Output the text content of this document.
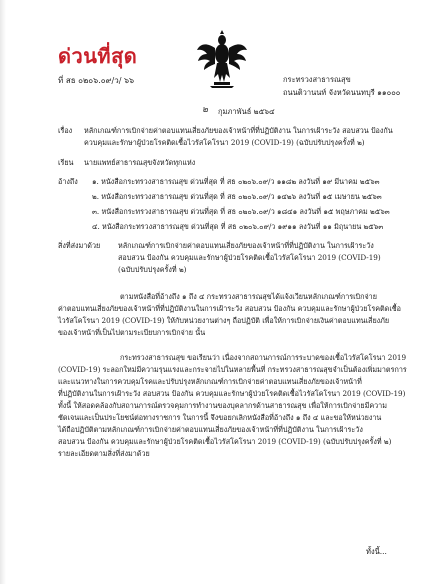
ด่วนที่สุด
ที่ สธ ๐๒๐๖.๐๙/ว/ ๖๖	กระทรวงสาธารณสุข
ถนนติวานนท์ จังหวัดนนทบุรี ๑๑๐๐๐
๒ กุมภาพันธ์ ๒๕๖๔
เรื่อง หลักเกณฑ์การเบิกจ่ายค่าตอบแทนเสี่ยงภัยของเจ้าหน้าที่ที่ปฏิบัติงาน ในการเฝ้าระวัง สอบสวน ป้องกัน
ควบคุมและรักษาผู้ป่วยโรคติดเชื้อไวรัสโคโรนา 2019 (COVID-19) (ฉบับปรับปรุงครั้งที่ ๒)
เรียน นายแพทย์สาธารณสุขจังหวัดทุกแห่ง
อ้างถึง ๑. หนังสือกระทรวงสาธารณสุข ด่วนที่สุด ที่ สธ ๐๒๐๖.๐๙/ว ๑๑๘๒ ลงวันที่ ๑๙ มีนาคม ๒๕๖๓
๒. หนังสือกระทรวงสาธารณสุข ด่วนที่สุด ที่ สธ ๐๒๐๖.๐๙/ว ๑๔๒๖ ลงวันที่ ๑๕ เมษายน ๒๕๖๓
๓. หนังสือกระทรวงสาธารณสุข ด่วนที่สุด ที่ สธ ๐๒๐๖.๐๙/ว ๑๘๔๑ ลงวันที่ ๑๕ พฤษภาคม ๒๕๖๓
๔. หนังสือกระทรวงสาธารณสุข ด่วนที่สุด ที่ สธ ๐๒๐๖.๐๙/ว ๑๙๑๑ ลงวันที่ ๑๑ มิถุนายน ๒๕๖๓
สิ่งที่ส่งมาด้วย หลักเกณฑ์การเบิกจ่ายค่าตอบแทนเสี่ยงภัยของเจ้าหน้าที่ที่ปฏิบัติงาน ในการเฝ้าระวัง
สอบสวน ป้องกัน ควบคุมและรักษาผู้ป่วยโรคติดเชื้อไวรัสโคโรนา 2019 (COVID-19)
(ฉบับปรับปรุงครั้งที่ ๒)
ตามหนังสือที่อ้างถึง ๑ ถึง ๔ กระทรวงสาธารณสุขได้แจ้งเวียนหลักเกณฑ์การเบิกจ่าย
ค่าตอบแทนเสี่ยงภัยของเจ้าหน้าที่ที่ปฏิบัติงานในการเฝ้าระวัง สอบสวน ป้องกัน ควบคุมและรักษาผู้ป่วยโรคติดเชื้อ
ไวรัสโคโรนา 2019 (COVID-19) ให้กับหน่วยงานต่างๆ ถือปฏิบัติ เพื่อให้การเบิกจ่ายเงินค่าตอบแทนเสี่ยงภัย
ของเจ้าหน้าที่เป็นไปตามระเบียบการเบิกจ่าย นั้น
กระทรวงสาธารณสุข ขอเรียนว่า เนื่องจากสถานการณ์การระบาดของเชื้อไวรัสโคโรนา 2019
(COVID-19) ระลอกใหม่มีความรุนแรงและกระจายไปในหลายพื้นที่ กระทรวงสาธารณสุขจำเป็นต้องเพิ่มมาตรการ
และแนวทางในการควบคุมโรคและปรับปรุงหลักเกณฑ์การเบิกจ่ายค่าตอบแทนเสี่ยงภัยของเจ้าหน้าที่
ที่ปฏิบัติงานในการเฝ้าระวัง สอบสวน ป้องกัน ควบคุมและรักษาผู้ป่วยโรคติดเชื้อไวรัสโคโรนา 2019 (COVID-19)
ทั้งนี้ ให้สอดคล้องกับสถานการณ์ตรวจคุมการทำงานของบุคลากรด้านสาธารณสุข เพื่อให้การเบิกจ่ายมีความ
ชัดเจนและเป็นประโยชน์ต่อทางราชการ ในการนี้ จึงขอยกเลิกหนังสือที่อ้างถึง ๑ ถึง ๔ และขอให้หน่วยงาน
ได้ถือปฏิบัติตามหลักเกณฑ์การเบิกจ่ายค่าตอบแทนเสี่ยงภัยของเจ้าหน้าที่ที่ปฏิบัติงาน ในการเฝ้าระวัง
สอบสวน ป้องกัน ควบคุมและรักษาผู้ป่วยโรคติดเชื้อไวรัสโคโรนา 2019 (COVID-19) (ฉบับปรับปรุงครั้งที่ ๒)
รายละเอียดตามสิ่งที่ส่งมาด้วย
ทั้งนี้...
